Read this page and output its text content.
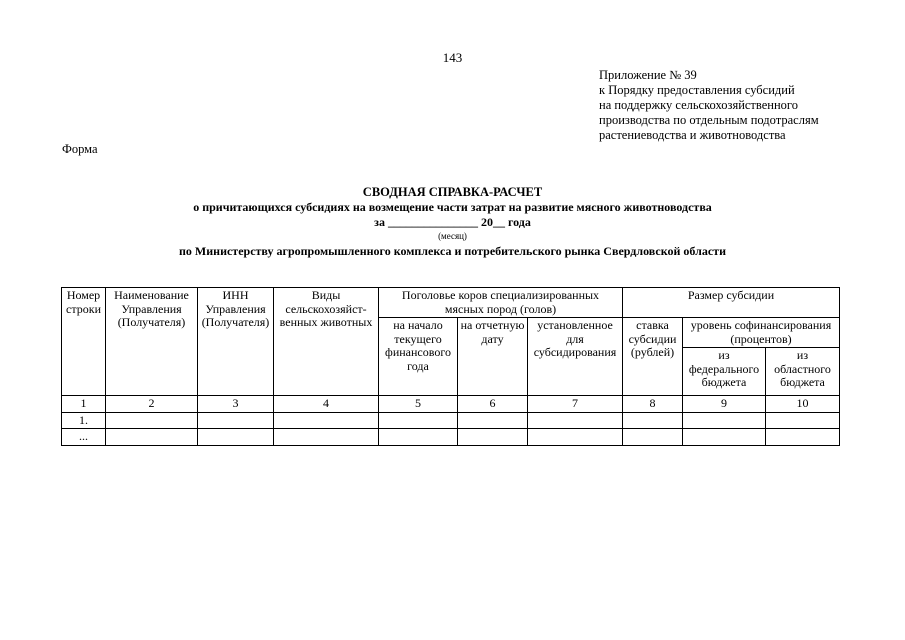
143
Приложение № 39
к Порядку предоставления субсидий
на поддержку сельскохозяйственного
производства по отдельным подотраслям
растениеводства и животноводства
Форма
СВОДНАЯ СПРАВКА-РАСЧЕТ
о причитающихся субсидиях на возмещение части затрат на развитие мясного животноводства
за _______________ 20__ года
(месяц)
по Министерству агропромышленного комплекса и потребительского рынка Свердловской области
Номер строки	Наименование Управления (Получателя)	ИНН Управления (Получателя)	Виды сельскохозяйст-венных животных	Поголовье коров специализированных мясных пород (голов)			Размер субсидии		
				на начало текущего финансового года	на отчетную дату	установленное для субсидирования	ставка субсидии (рублей)	уровень софинансирования (процентов)	
								из федерального бюджета	из областного бюджета
1	2	3	4	5	6	7	8	9	10
1.									
...									
